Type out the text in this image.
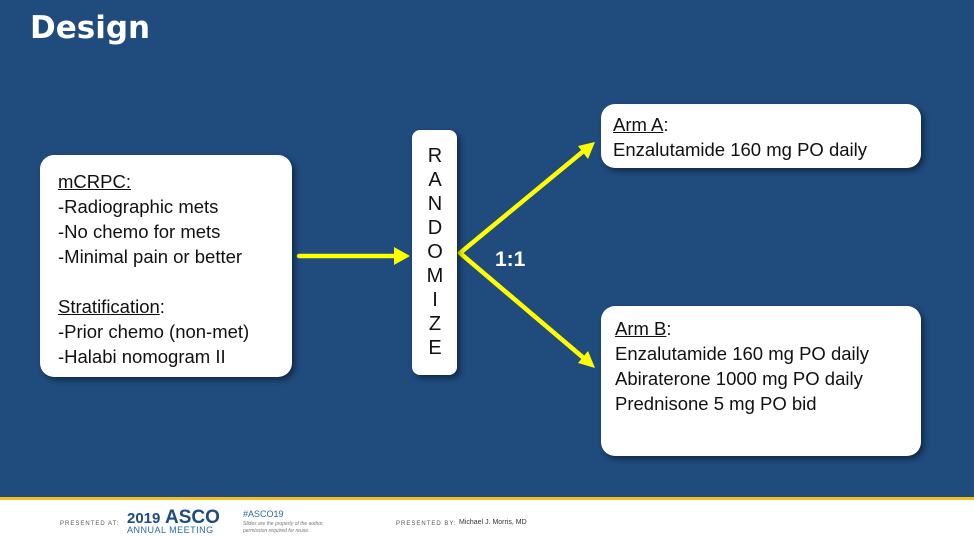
Design
mCRPC:
-Radiographic mets
-No chemo for mets
-Minimal pain or better
Stratification:
-Prior chemo (non-met)
-Halabi nomogram II	RANDOMIZE	1:1
Arm A:
Enzalutamide 160 mg PO daily
Arm B:
Enzalutamide 160 mg PO daily
Abiraterone 1000 mg PO daily
Prednisone 5 mg PO bid
PRESENTED AT: 2019 ASCO
ANNUAL MEETING
#ASCO19
Slides are the property of the author,
permission required for reuse.
PRESENTED BY: Michael J. Morris, MD
